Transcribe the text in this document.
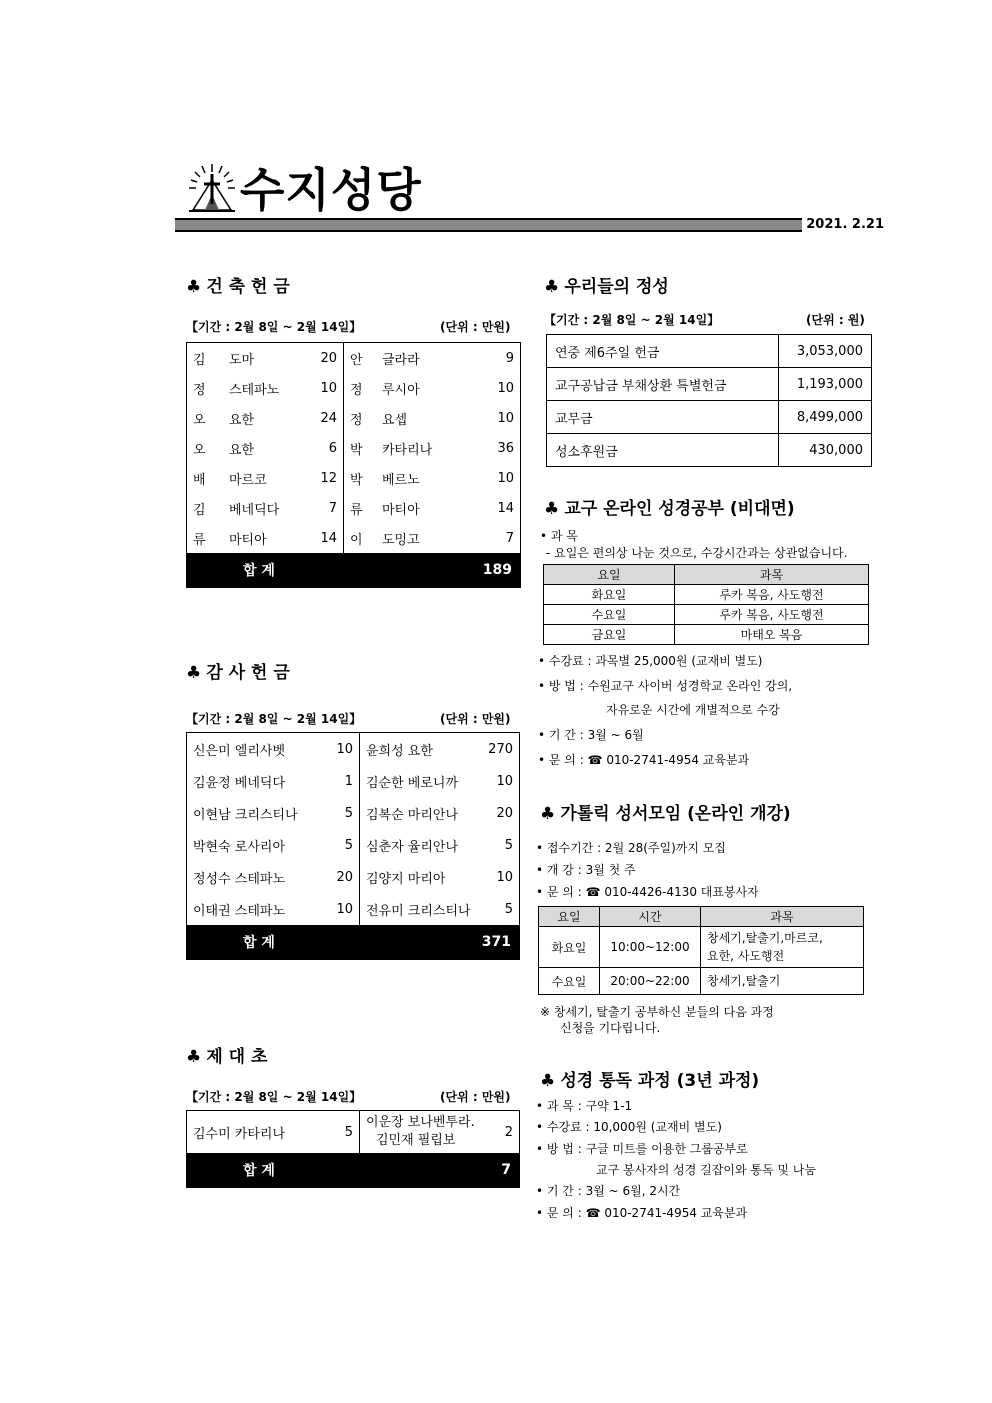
수지성당
2021. 2.21
♣ 건 축 헌 금
【기간 : 2월 8일 ~ 2월 14일】	(단위 : 만원)
김	도마	20	안	글라라	9
정	스테파노	10	정	루시아	10
오	요한	24	정	요셉	10
오	요한	6	박	카타리나	36
배	마르코	12	박	베르노	10
김	베네딕다	7	류	마티아	14
류	마티아	14	이	도밍고	7
합 계			189		
♣ 감 사 헌 금
【기간 : 2월 8일 ~ 2월 14일】	(단위 : 만원)
신은미 엘리사벳	10	윤희성 요한	270
김윤정 베네딕다	1	김순한 베로니까	10
이현남 크리스티나	5	김복순 마리안나	20
박현숙 로사리아	5	심춘자 율리안나	5
정성수 스테파노	20	김양지 마리아	10
이태권 스테파노	10	전유미 크리스티나	5
합 계		371	
♣ 제 대 초
【기간 : 2월 8일 ~ 2월 14일】	(단위 : 만원)
김수미 카타리나	5	이운장 보나벤투라.
김민재 필립보	2
합 계		7	
♣ 우리들의 정성
【기간 : 2월 8일 ~ 2월 14일】	(단위 : 원)
연중 제6주일 헌금	3,053,000
교구공납금 부채상환 특별헌금	1,193,000
교무금	8,499,000
성소후원금	430,000
♣ 교구 온라인 성경공부 (비대면)
• 과 목
- 요일은 편의상 나눈 것으로, 수강시간과는 상관없습니다.
요일	과목
화요일	루카 복음, 사도행전
수요일	루카 복음, 사도행전
금요일	마태오 복음
• 수강료 : 과목별 25,000원 (교재비 별도)
• 방 법 : 수원교구 사이버 성경학교 온라인 강의,
자유로운 시간에 개별적으로 수강
• 기 간 : 3월 ~ 6월
• 문 의 : ☎ 010-2741-4954 교육분과
♣ 가톨릭 성서모임 (온라인 개강)
• 접수기간 : 2월 28(주일)까지 모집
• 개 강 : 3월 첫 주
• 문 의 : ☎ 010-4426-4130 대표봉사자
요일	시간	과목
화요일	10:00~12:00	창세기,탈출기,마르코,
요한, 사도행전
수요일	20:00~22:00	창세기,탈출기
※ 창세기, 탈출기 공부하신 분들의 다음 과정
신청을 기다립니다.
♣ 성경 통독 과정 (3년 과정)
• 과 목 : 구약 1-1
• 수강료 : 10,000원 (교재비 별도)
• 방 법 : 구글 미트를 이용한 그룹공부로
교구 봉사자의 성경 길잡이와 통독 및 나눔
• 기 간 : 3월 ~ 6월, 2시간
• 문 의 : ☎ 010-2741-4954 교육분과
